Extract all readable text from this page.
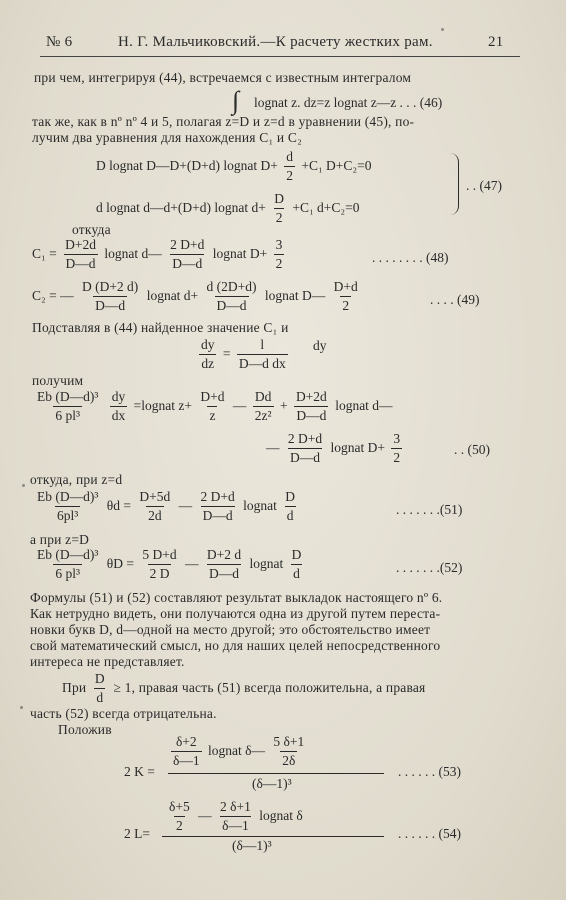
№ 6	Н. Г. Мальчиковский.—К расчету жестких рам.	21
при чем, интегрируя (44), встречаемся с известным интегралом
∫ lognat z. dz=z lognat z—z . . . (46)
так же, как в nº nº 4 и 5, полагая z=D и z=d в уравнении (45), по-
лучим два уравнения для нахождения C₁ и C₂
D lognat D—D+(D+d) lognat $D+ \frac{d}{2} +C_1$ D+C₂=0
d lognat d—d+(D+d) lognat $d+ \frac{D}{2} +C_1$ d+C₂=0
. . (47)
откуда
$C_1 = \frac{D+2d}{D—d}$ lognat d— $\frac{2 D+d}{D—d}$ lognat $D+ \frac{3}{2}$	. . . . . . . . (48)
C₂ = — $\frac{D (D+2 d)}{D—d}$ lognat $d+ \frac{d (2D+d)}{D—d}$ lognat D— $\frac{D+d}{2}$	. . . . (49)
Подставляя в (44) найденное значение C₁ и
$\frac{dy}{dz} = \frac{l}{\text{D—d dx}}$ dy
получим
$\frac{\text{Eb (D—d)³}}{\text{6 pl³}}$
$\frac{dy}{dx}$ =lognat $z+ \frac{D+d}{z}$ — $\frac{Dd}{\text{2z²}} + \frac{D+2d}{D—d}$ lognat d—
— $\frac{2 D+d}{D—d}$ lognat $D+ \frac{3}{2}$	. . (50)
откуда, при z=d
$\frac{\text{Eb (D—d)³}}{\text{6pl³}}$ $\theta d = \frac{D+5d}{2d}$ — $\frac{2 D+d}{D—d}$ lognat $\frac{D}{d}$	. . . . . . .(51)
а при z=D
$\frac{\text{Eb (D—d)³}}{\text{6 pl³}}$ $\theta D = \frac{5 D+d}{2 D}$ — $\frac{D+2 d}{D—d}$ lognat $\frac{D}{d}$	. . . . . . .(52)
Формулы (51) и (52) составляют результат выкладок настоящего nº 6.
Как нетрудно видеть, они получаются одна из другой путем переста-
новки букв D, d—одной на место другой; это обстоятельство имеет
свой математический смысл, но для наших целей непосредственного
интереса не представляет.
При $\frac{D}{d} \ge 1$, правая часть (51) всегда положительна, а правая
часть (52) всегда отрицательна.
Положив
$\frac{\delta+2}{\delta—1}$ lognat δ— $\frac{5 \delta+1}{2\delta}$
2 K =
(δ—1)³
. . . . . . (53)
$\frac{\delta+5}{2}$ — $\frac{2 \delta+1}{\delta—1}$ lognat δ
2 L=
(δ—1)³
. . . . . . (54)
